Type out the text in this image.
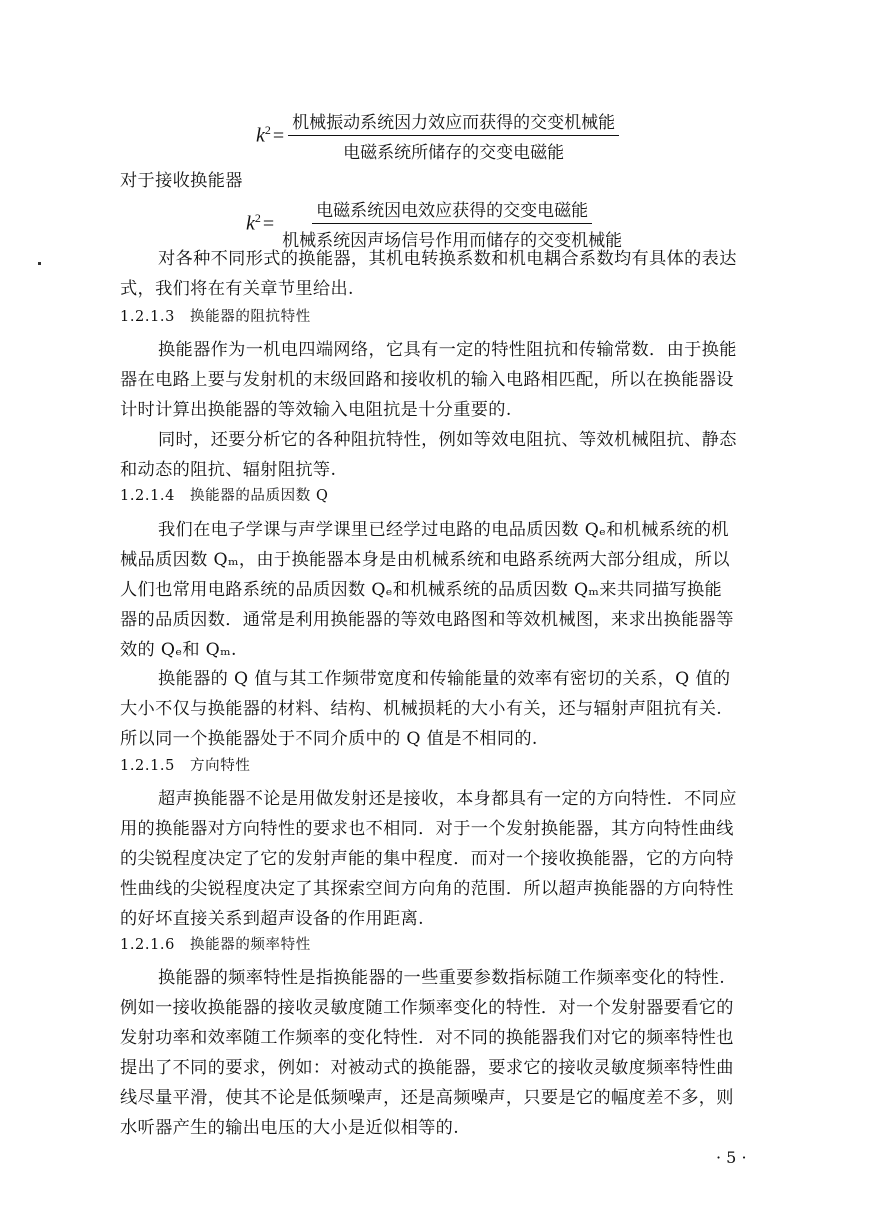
$k^2 = \frac{\text{机械振动系统因力效应而获得的交变机械能}}{\text{电磁系统所储存的交变电磁能}}$
对于接收换能器
$k^2 = \frac{\text{电磁系统因电效应获得的交变电磁能}}{\text{机械系统因声场信号作用而储存的交变机械能}}$
对各种不同形式的换能器，其机电转换系数和机电耦合系数均有具体的表达
式，我们将在有关章节里给出.
1.2.1.3　换能器的阻抗特性
换能器作为一机电四端网络，它具有一定的特性阻抗和传输常数．由于换能
器在电路上要与发射机的末级回路和接收机的输入电路相匹配，所以在换能器设
计时计算出换能器的等效输入电阻抗是十分重要的.
同时，还要分析它的各种阻抗特性，例如等效电阻抗、等效机械阻抗、静态
和动态的阻抗、辐射阻抗等.
1.2.1.4　换能器的品质因数 Q
我们在电子学课与声学课里已经学过电路的电品质因数 Qₑ和机械系统的机
械品质因数 Qₘ，由于换能器本身是由机械系统和电路系统两大部分组成，所以
人们也常用电路系统的品质因数 Qₑ和机械系统的品质因数 Qₘ来共同描写换能
器的品质因数．通常是利用换能器的等效电路图和等效机械图，来求出换能器等
效的 Qₑ和 Qₘ.
换能器的 Q 值与其工作频带宽度和传输能量的效率有密切的关系，Q 值的
大小不仅与换能器的材料、结构、机械损耗的大小有关，还与辐射声阻抗有关.
所以同一个换能器处于不同介质中的 Q 值是不相同的.
1.2.1.5　方向特性
超声换能器不论是用做发射还是接收，本身都具有一定的方向特性．不同应
用的换能器对方向特性的要求也不相同．对于一个发射换能器，其方向特性曲线
的尖锐程度决定了它的发射声能的集中程度．而对一个接收换能器，它的方向特
性曲线的尖锐程度决定了其探索空间方向角的范围．所以超声换能器的方向特性
的好坏直接关系到超声设备的作用距离.
1.2.1.6　换能器的频率特性
换能器的频率特性是指换能器的一些重要参数指标随工作频率变化的特性.
例如一接收换能器的接收灵敏度随工作频率变化的特性．对一个发射器要看它的
发射功率和效率随工作频率的变化特性．对不同的换能器我们对它的频率特性也
提出了不同的要求，例如：对被动式的换能器，要求它的接收灵敏度频率特性曲
线尽量平滑，使其不论是低频噪声，还是高频噪声，只要是它的幅度差不多，则
水听器产生的输出电压的大小是近似相等的.
· 5 ·
